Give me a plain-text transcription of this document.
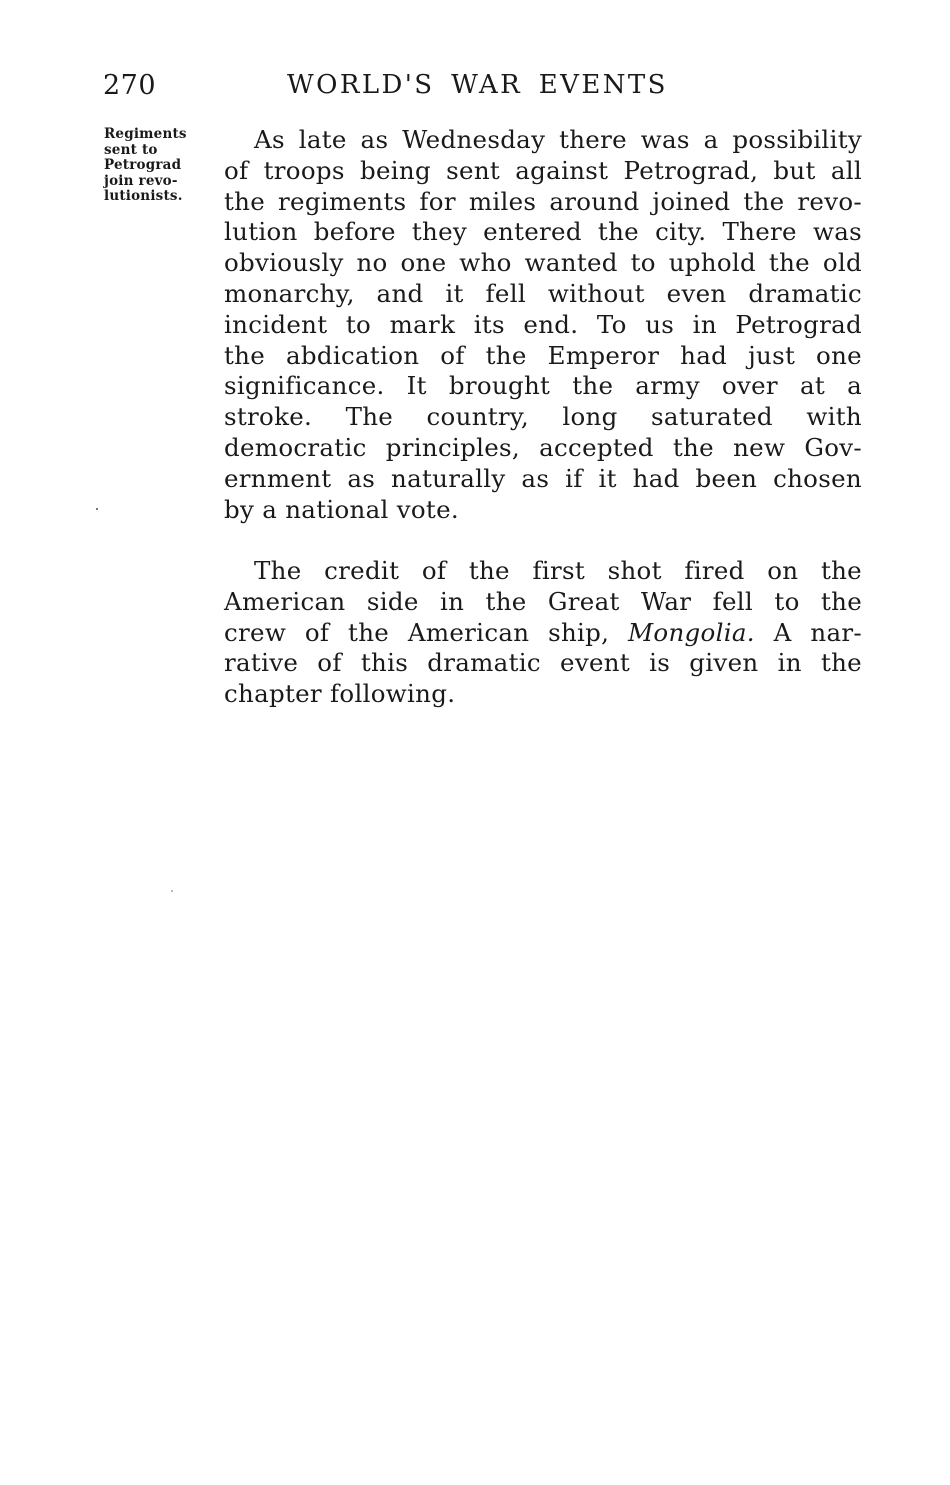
270	WORLD'S WAR EVENTS
Regiments
sent to
Petrograd
join revo-
lutionists.
As late as Wednesday there was a possibility
of troops being sent against Petrograd, but all
the regiments for miles around joined the revo-
lution before they entered the city. There was
obviously no one who wanted to uphold the old
monarchy, and it fell without even dramatic
incident to mark its end. To us in Petrograd
the abdication of the Emperor had just one
significance. It brought the army over at a
stroke. The country, long saturated with
democratic principles, accepted the new Gov-
ernment as naturally as if it had been chosen
by a national vote.
The credit of the first shot fired on the
American side in the Great War fell to the
crew of the American ship, Mongolia. A nar-
rative of this dramatic event is given in the
chapter following.
